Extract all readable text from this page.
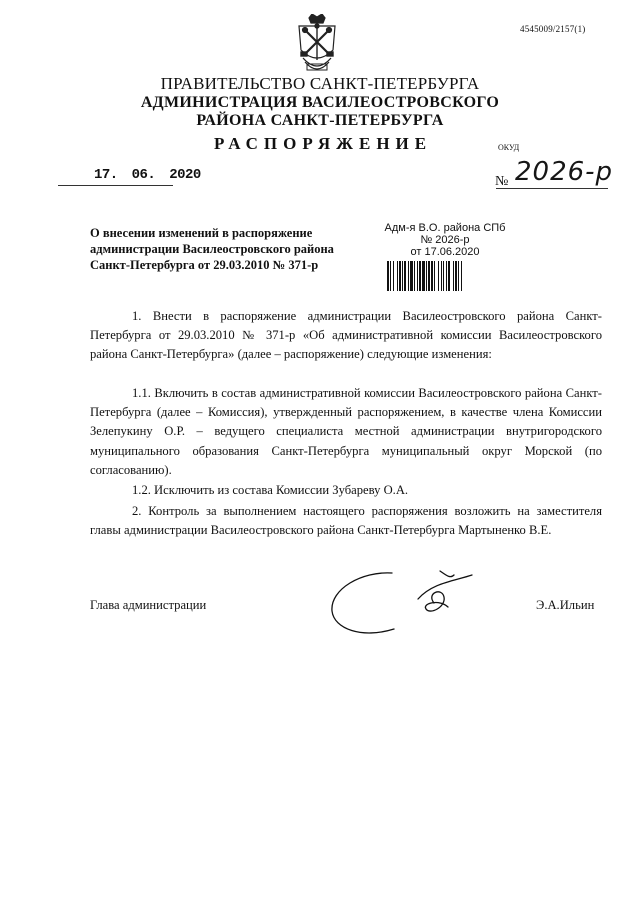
4545009/2157(1)
ПРАВИТЕЛЬСТВО САНКТ-ПЕТЕРБУРГА
АДМИНИСТРАЦИЯ ВАСИЛЕОСТРОВСКОГО
РАЙОНА САНКТ-ПЕТЕРБУРГА
РАСПОРЯЖЕНИЕ	ОКУД
17. 06. 2020	№ 2026-р
О внесении изменений в распоряжение
администрации Василеостровского района
Санкт-Петербурга от 29.03.2010 № 371-р
Адм-я В.О. района СПб
№ 2026-р
от 17.06.2020
1. Внести в распоряжение администрации Василеостровского района Санкт-Петербурга от 29.03.2010 № 371-р «Об административной комиссии Василеостровского района Санкт-Петербурга» (далее – распоряжение) следующие изменения:
1.1. Включить в состав административной комиссии Василеостровского района Санкт-Петербурга (далее – Комиссия), утвержденный распоряжением, в качестве члена Комиссии Зелепукину О.Р. – ведущего специалиста местной администрации внутригородского муниципального образования Санкт-Петербурга муниципальный округ Морской (по согласованию).
1.2. Исключить из состава Комиссии Зубареву О.А.
2. Контроль за выполнением настоящего распоряжения возложить на заместителя главы администрации Василеостровского района Санкт-Петербурга Мартыненко В.Е.
Глава администрации	Э.А.Ильин
